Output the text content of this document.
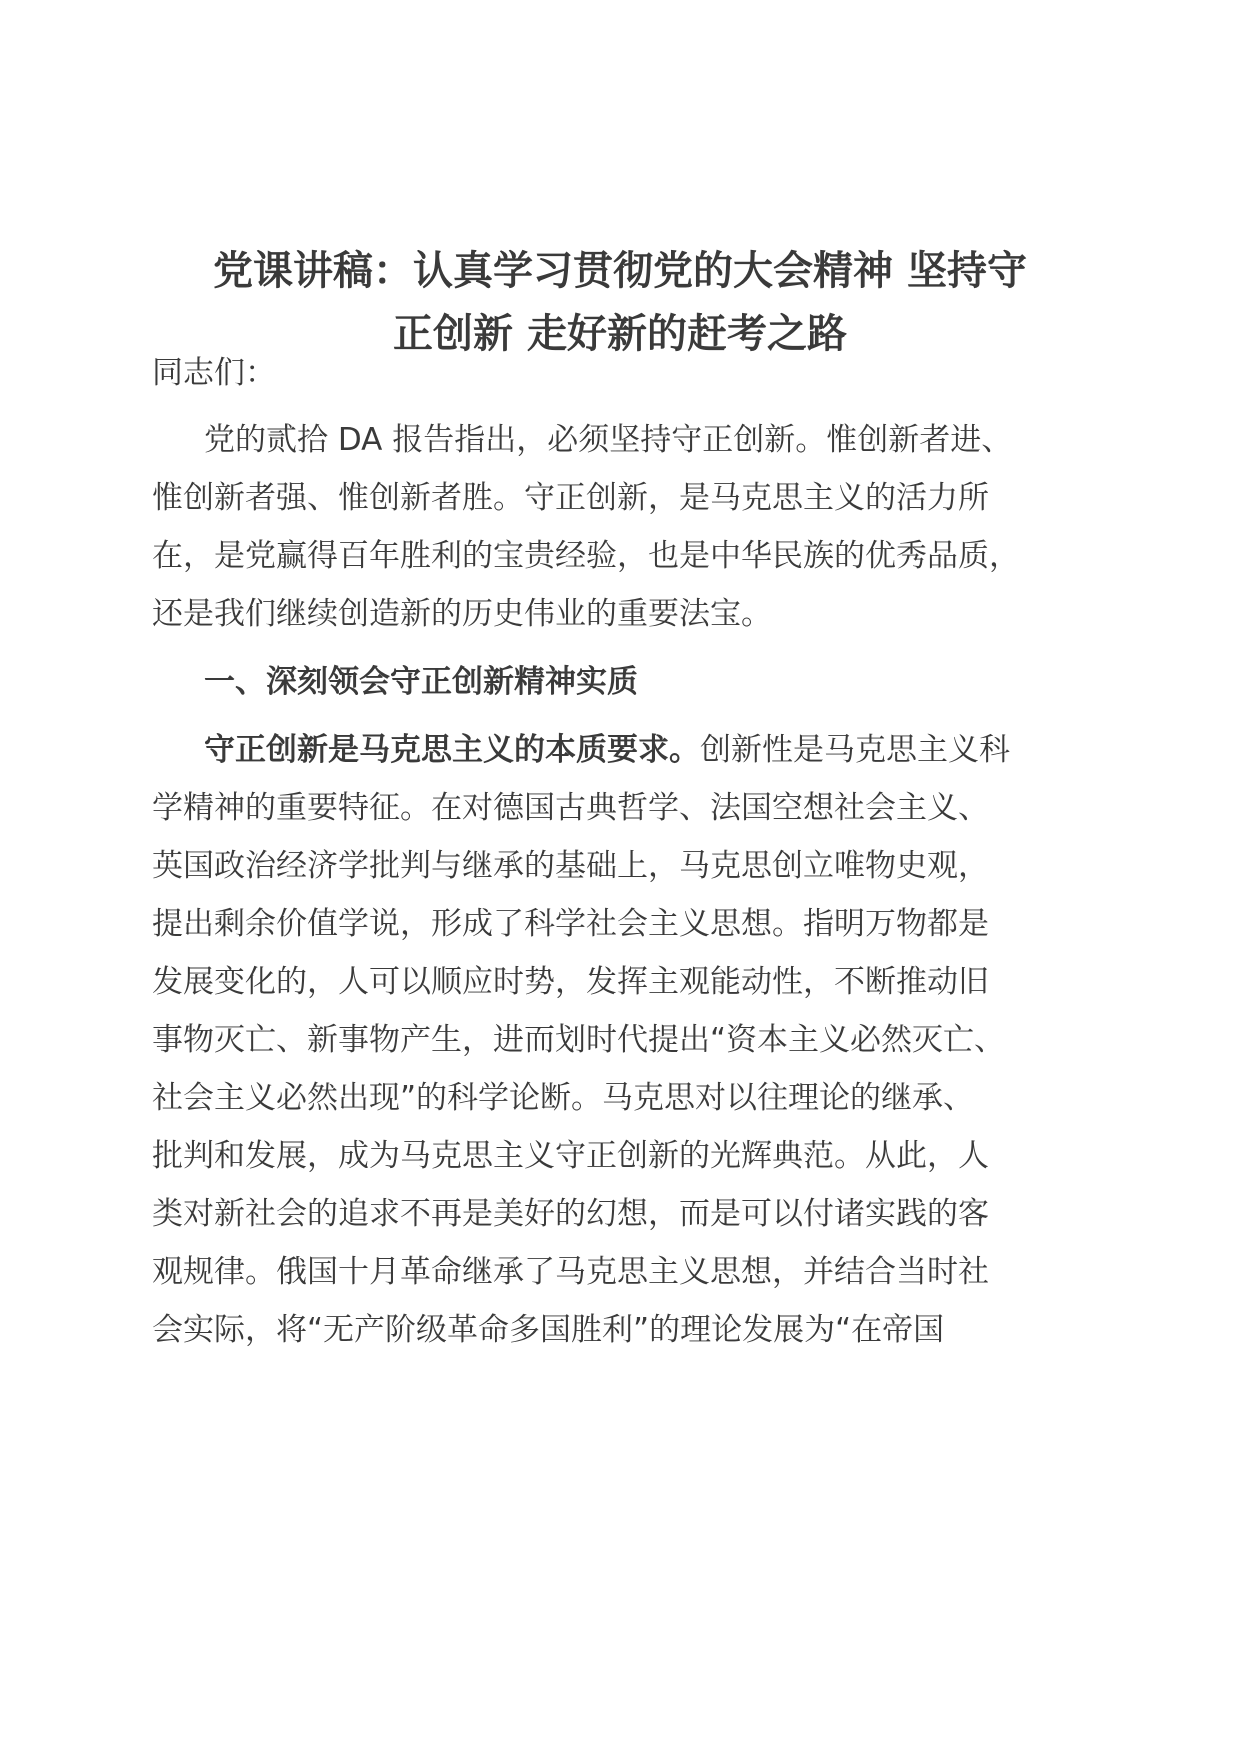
党课讲稿：认真学习贯彻党的大会精神 坚持守
正创新 走好新的赶考之路
同志们：
党的贰拾 DA 报告指出，必须坚持守正创新。惟创新者进、
惟创新者强、惟创新者胜。守正创新，是马克思主义的活力所
在，是党赢得百年胜利的宝贵经验，也是中华民族的优秀品质，
还是我们继续创造新的历史伟业的重要法宝。
一、深刻领会守正创新精神实质
守正创新是马克思主义的本质要求。创新性是马克思主义科
学精神的重要特征。在对德国古典哲学、法国空想社会主义、
英国政治经济学批判与继承的基础上，马克思创立唯物史观，
提出剩余价值学说，形成了科学社会主义思想。指明万物都是
发展变化的，人可以顺应时势，发挥主观能动性，不断推动旧
事物灭亡、新事物产生，进而划时代提出“资本主义必然灭亡、
社会主义必然出现”的科学论断。马克思对以往理论的继承、
批判和发展，成为马克思主义守正创新的光辉典范。从此，人
类对新社会的追求不再是美好的幻想，而是可以付诸实践的客
观规律。俄国十月革命继承了马克思主义思想，并结合当时社
会实际，将“无产阶级革命多国胜利”的理论发展为“在帝国
